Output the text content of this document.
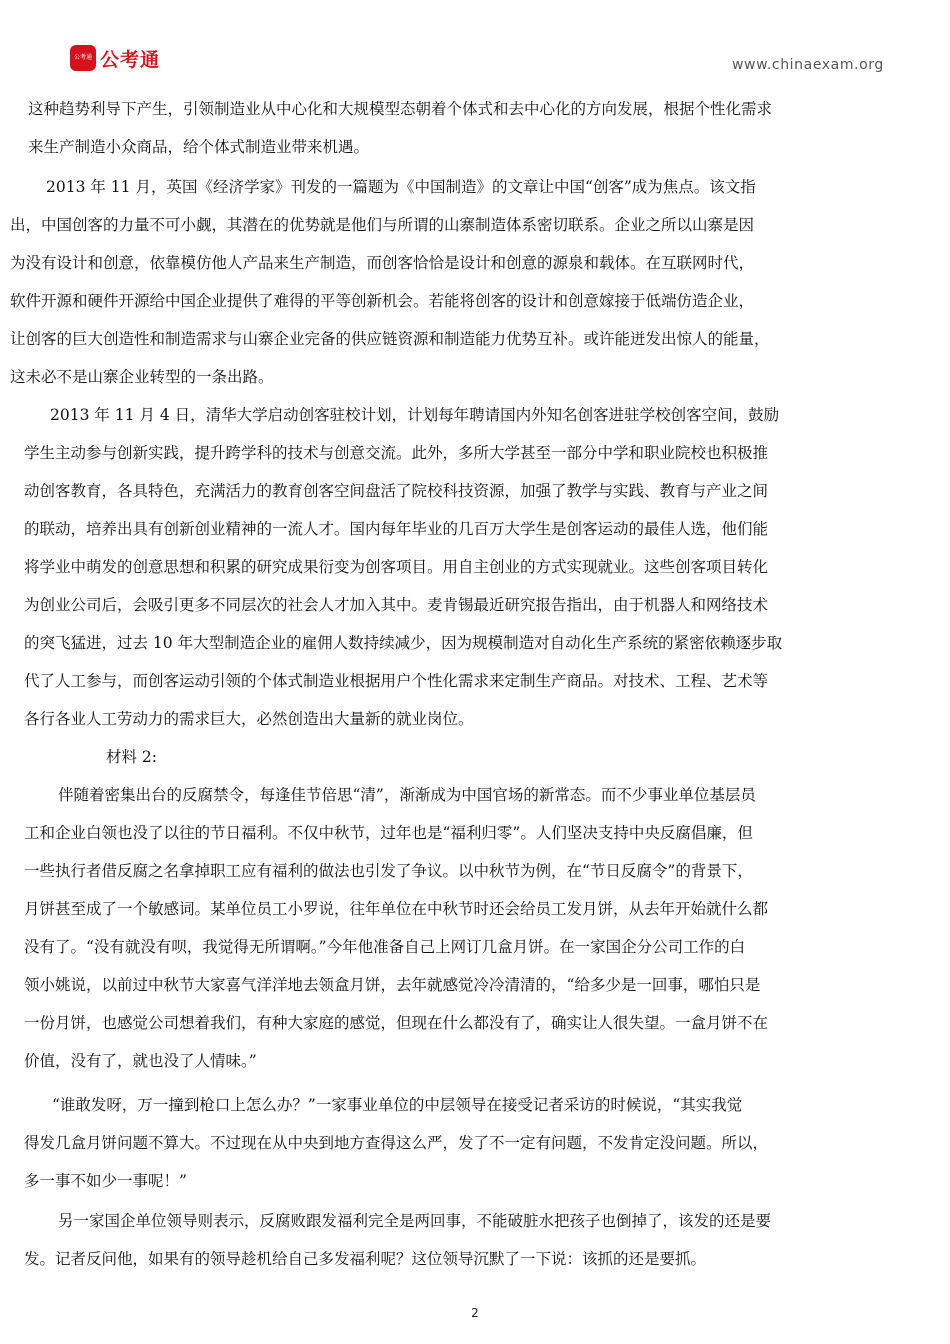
公考通 公考通	www.chinaexam.org
这种趋势利导下产生，引领制造业从中心化和大规模型态朝着个体式和去中心化的方向发展，根据个性化需求
来生产制造小众商品，给个体式制造业带来机遇。
2013 年 11 月，英国《经济学家》刊发的一篇题为《中国制造》的文章让中国“创客”成为焦点。该文指
出，中国创客的力量不可小觑，其潜在的优势就是他们与所谓的山寨制造体系密切联系。企业之所以山寨是因
为没有设计和创意，依靠模仿他人产品来生产制造，而创客恰恰是设计和创意的源泉和载体。在互联网时代，
软件开源和硬件开源给中国企业提供了难得的平等创新机会。若能将创客的设计和创意嫁接于低端仿造企业，
让创客的巨大创造性和制造需求与山寨企业完备的供应链资源和制造能力优势互补。或许能迸发出惊人的能量，
这未必不是山寨企业转型的一条出路。
2013 年 11 月 4 日，清华大学启动创客驻校计划，计划每年聘请国内外知名创客进驻学校创客空间，鼓励
学生主动参与创新实践，提升跨学科的技术与创意交流。此外，多所大学甚至一部分中学和职业院校也积极推
动创客教育，各具特色，充满活力的教育创客空间盘活了院校科技资源，加强了教学与实践、教育与产业之间
的联动，培养出具有创新创业精神的一流人才。国内每年毕业的几百万大学生是创客运动的最佳人选，他们能
将学业中萌发的创意思想和积累的研究成果衍变为创客项目。用自主创业的方式实现就业。这些创客项目转化
为创业公司后，会吸引更多不同层次的社会人才加入其中。麦肯锡最近研究报告指出，由于机器人和网络技术
的突飞猛进，过去 10 年大型制造企业的雇佣人数持续减少，因为规模制造对自动化生产系统的紧密依赖逐步取
代了人工参与，而创客运动引领的个体式制造业根据用户个性化需求来定制生产商品。对技术、工程、艺术等
各行各业人工劳动力的需求巨大，必然创造出大量新的就业岗位。
材料 2:
伴随着密集出台的反腐禁令，每逢佳节倍思“清”，渐渐成为中国官场的新常态。而不少事业单位基层员
工和企业白领也没了以往的节日福利。不仅中秋节，过年也是“福利归零”。人们坚决支持中央反腐倡廉，但
一些执行者借反腐之名拿掉职工应有福利的做法也引发了争议。以中秋节为例，在“节日反腐令”的背景下，
月饼甚至成了一个敏感词。某单位员工小罗说，往年单位在中秋节时还会给员工发月饼，从去年开始就什么都
没有了。“没有就没有呗，我觉得无所谓啊。”今年他准备自己上网订几盒月饼。在一家国企分公司工作的白
领小姚说，以前过中秋节大家喜气洋洋地去领盒月饼，去年就感觉冷冷清清的，“给多少是一回事，哪怕只是
一份月饼，也感觉公司想着我们，有种大家庭的感觉，但现在什么都没有了，确实让人很失望。一盒月饼不在
价值，没有了，就也没了人情味。”
“谁敢发呀，万一撞到枪口上怎么办？”一家事业单位的中层领导在接受记者采访的时候说，“其实我觉
得发几盒月饼问题不算大。不过现在从中央到地方查得这么严，发了不一定有问题，不发肯定没问题。所以，
多一事不如少一事呢！”
另一家国企单位领导则表示，反腐败跟发福利完全是两回事，不能破脏水把孩子也倒掉了，该发的还是要
发。记者反问他，如果有的领导趁机给自己多发福利呢？这位领导沉默了一下说：该抓的还是要抓。
2
